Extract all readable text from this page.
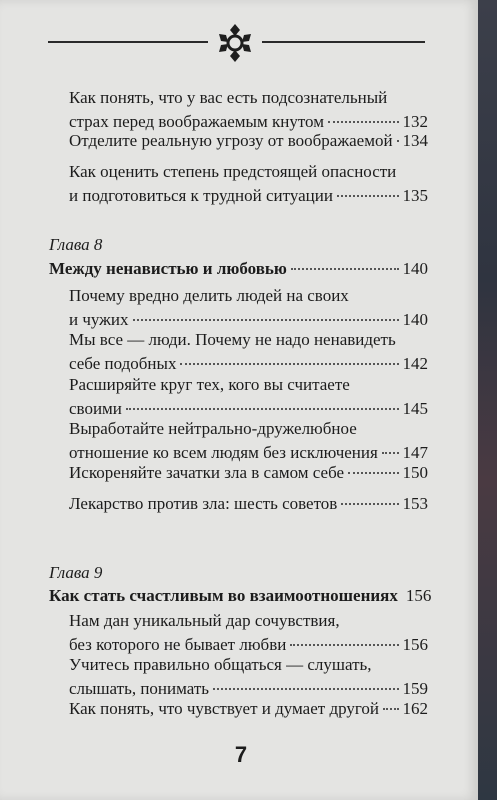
Как понять, что у вас есть подсознательный
страх перед воображаемым кнутом	132
Отделите реальную угрозу от воображаемой 134
Как оценить степень предстоящей опасности
и подготовиться к трудной ситуации	135
Глава 8
Между ненавистью и любовью	140
Почему вредно делить людей на своих
и чужих	140
Мы все — люди. Почему не надо ненавидеть
себе подобных	142
Расширяйте круг тех, кого вы считаете
своими	145
Выработайте нейтрально-дружелюбное
отношение ко всем людям без исключения 147
Искореняйте зачатки зла в самом себе	150
Лекарство против зла: шесть советов	153
Глава 9
Как стать счастливым во взаимоотношениях 156
Нам дан уникальный дар сочувствия,
без которого не бывает любви	156
Учитесь правильно общаться — слушать,
слышать, понимать	159
Как понять, что чувствует и думает другой 162
7
